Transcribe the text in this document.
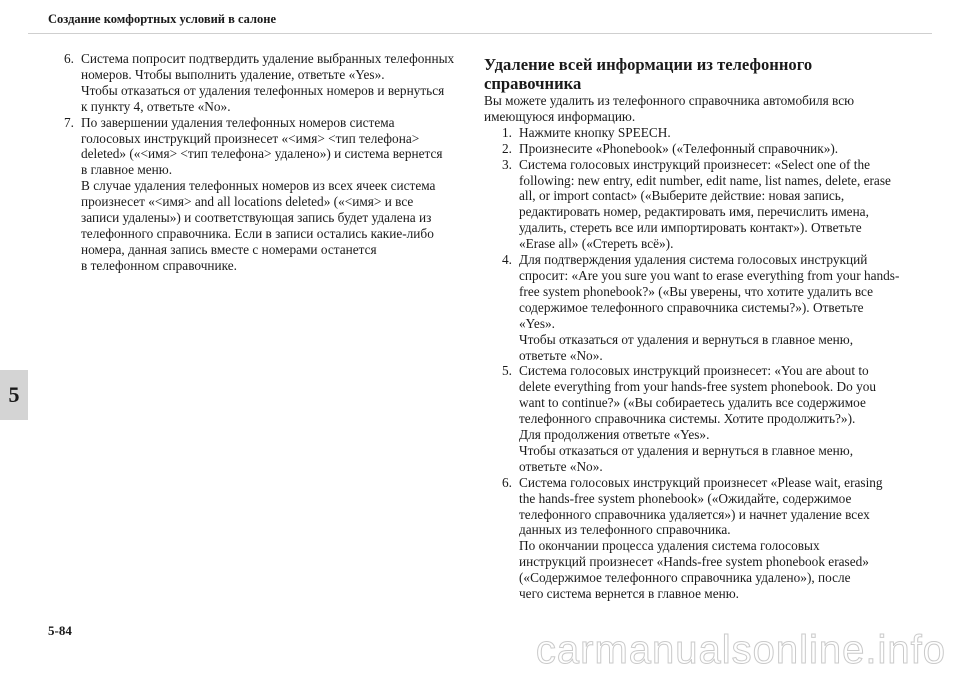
Создание комфортных условий в салоне
5
6. Система попросит подтвердить удаление выбранных телефонных
номеров. Чтобы выполнить удаление, ответьте «Yes».
Чтобы отказаться от удаления телефонных номеров и вернуться
к пункту 4, ответьте «No».
7. По завершении удаления телефонных номеров система
голосовых инструкций произнесет «<имя> <тип телефона>
deleted» («<имя> <тип телефона> удалено») и система вернется
в главное меню.
В случае удаления телефонных номеров из всех ячеек система
произнесет «<имя> and all locations deleted» («<имя> и все
записи удалены») и соответствующая запись будет удалена из
телефонного справочника. Если в записи остались какие-либо
номера, данная запись вместе с номерами останется
в телефонном справочнике.
Удаление всей информации из телефонного справочника
Вы можете удалить из телефонного справочника автомобиля всю
имеющуюся информацию.
1. Нажмите кнопку SPEECH.
2. Произнесите «Phonebook» («Телефонный справочник»).
3. Система голосовых инструкций произнесет: «Select one of the
following: new entry, edit number, edit name, list names, delete, erase
all, or import contact» («Выберите действие: новая запись,
редактировать номер, редактировать имя, перечислить имена,
удалить, стереть все или импортировать контакт»). Ответьте
«Erase all» («Стереть всё»).
4. Для подтверждения удаления система голосовых инструкций
спросит: «Are you sure you want to erase everything from your hands-
free system phonebook?» («Вы уверены, что хотите удалить все
содержимое телефонного справочника системы?»). Ответьте
«Yes».
Чтобы отказаться от удаления и вернуться в главное меню,
ответьте «No».
5. Система голосовых инструкций произнесет: «You are about to
delete everything from your hands-free system phonebook. Do you
want to continue?» («Вы собираетесь удалить все содержимое
телефонного справочника системы. Хотите продолжить?»).
Для продолжения ответьте «Yes».
Чтобы отказаться от удаления и вернуться в главное меню,
ответьте «No».
6. Система голосовых инструкций произнесет «Please wait, erasing
the hands-free system phonebook» («Ожидайте, содержимое
телефонного справочника удаляется») и начнет удаление всех
данных из телефонного справочника.
По окончании процесса удаления система голосовых
инструкций произнесет «Hands-free system phonebook erased»
(«Содержимое телефонного справочника удалено»), после
чего система вернется в главное меню.
5-84	carmanualsonline.info
